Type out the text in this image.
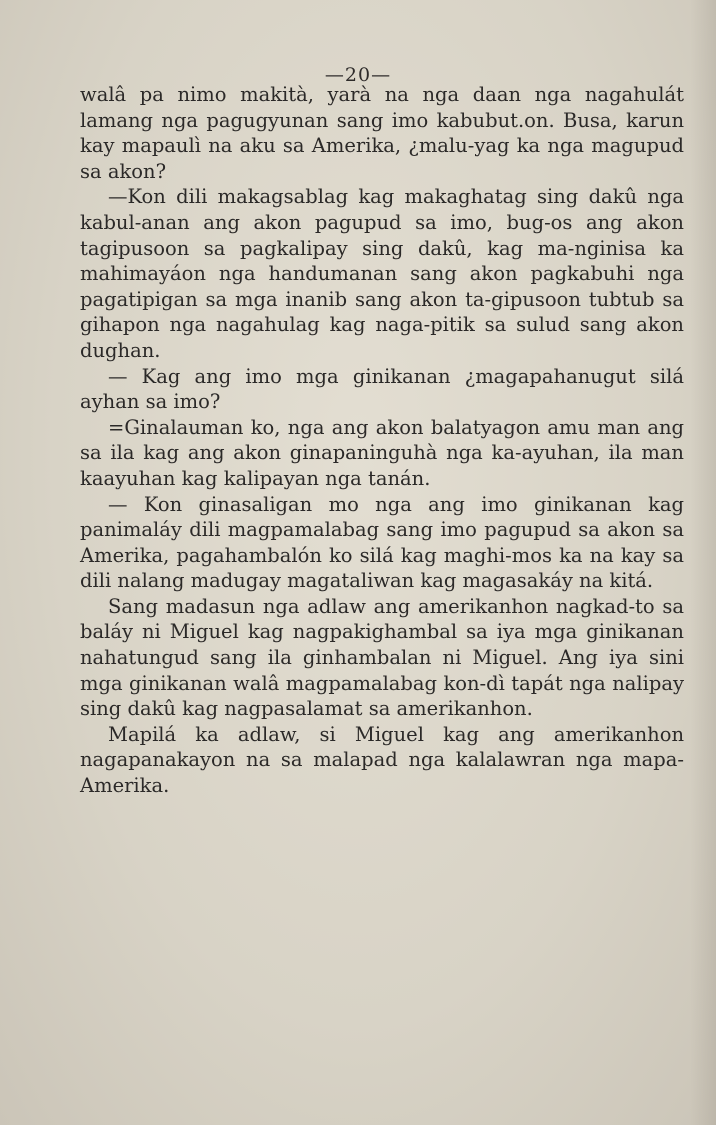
—20—

walâ pa nimo makità, yarà na nga daan nga nagahulát lamang nga pagugyunan sang imo kabubut.on. Busa, karun kay mapaulì na aku sa Amerika, ¿malu-yag ka nga magupud sa akon?

—Kon dili makagsablag kag makaghatag sing dakû nga kabul-anan ang akon pagupud sa imo, bug-os ang akon tagipusoon sa pagkalipay sing dakû, kag ma-nginisa ka mahimayáon nga handumanan sang akon pagkabuhi nga pagatipigan sa mga inanib sang akon ta-gipusoon tubtub sa gihapon nga nagahulag kag naga-pitik sa sulud sang akon dughan.

— Kag ang imo mga ginikanan ¿magapahanugut silá ayhan sa imo?

=Ginalauman ko, nga ang akon balatyagon amu man ang sa ila kag ang akon ginapaninguhà nga ka-ayuhan, ila man kaayuhan kag kalipayan nga tanán.

— Kon ginasaligan mo nga ang imo ginikanan kag panimaláy dili magpamalabag sang imo pagupud sa akon sa Amerika, pagahambalón ko silá kag maghi-mos ka na kay sa dili nalang madugay magataliwan kag magasakáy na kitá.

Sang madasun nga adlaw ang amerikanhon nagkad-to sa baláy ni Miguel kag nagpakighambal sa iya mga ginikanan nahatungud sang ila ginhambalan ni Miguel. Ang iya sini mga ginikanan walâ magpamalabag kon-dì tapát nga nalipay sing dakû kag nagpasalamat sa amerikanhon.

Mapilá ka adlaw, si Miguel kag ang amerikanhon nagapanakayon na sa malapad nga kalalawran nga mapa-Amerika.
